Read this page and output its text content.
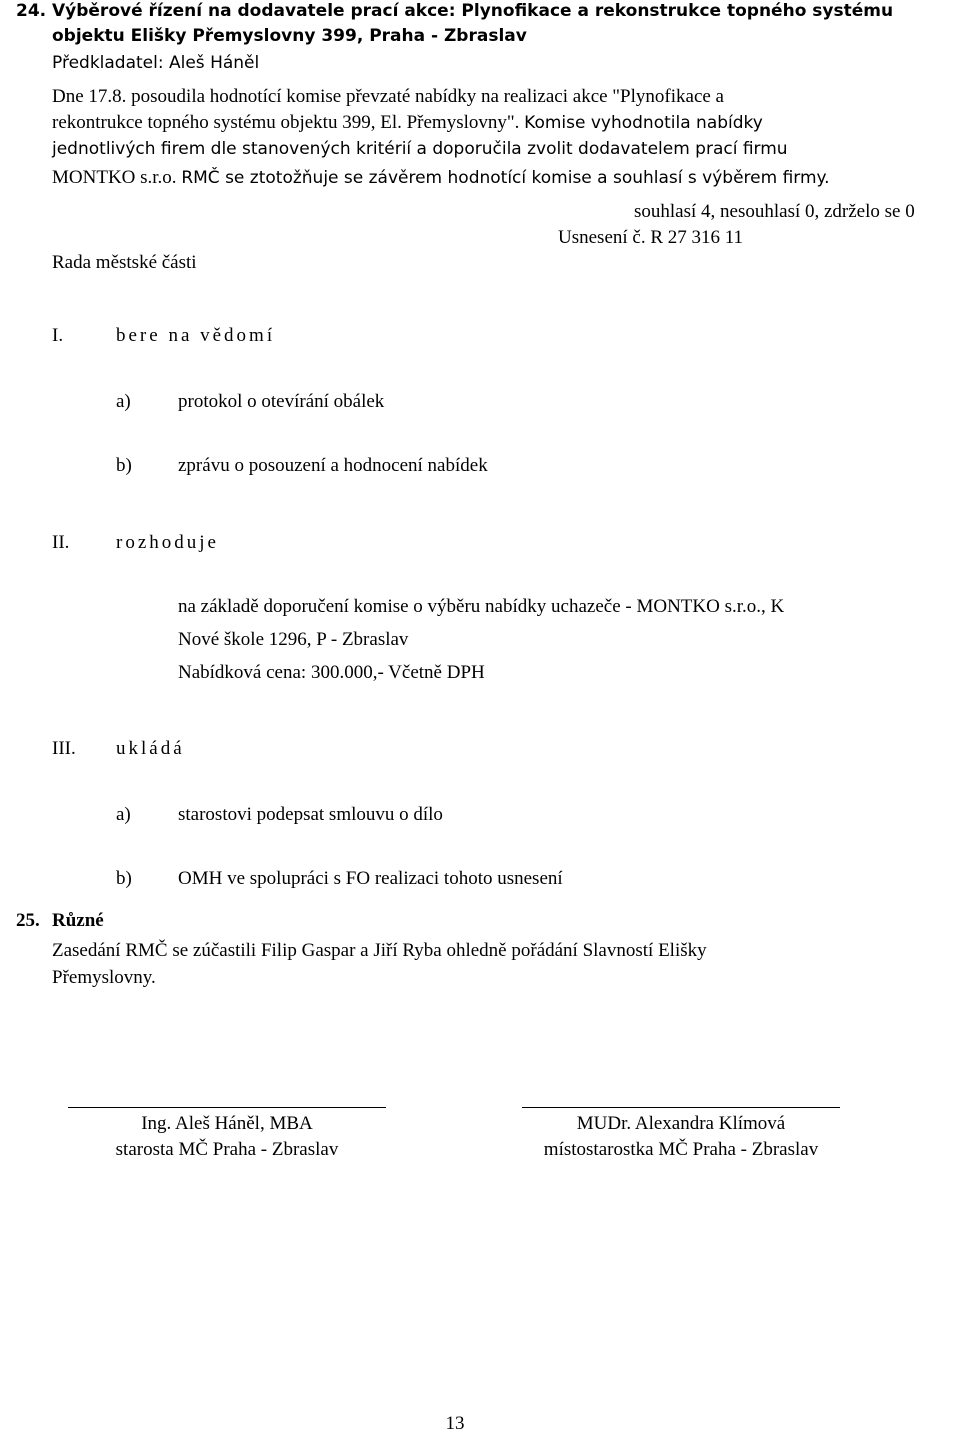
24. Výběrové řízení na dodavatele prací akce: Plynofikace a rekonstrukce topného systému
objektu Elišky Přemyslovny 399, Praha - Zbraslav
Předkladatel: Aleš Háněl
Dne 17.8. posoudila hodnotící komise převzaté nabídky na realizaci akce "Plynofikace a
rekontrukce topného systému objektu 399, El. Přemyslovny". Komise vyhodnotila nabídky
jednotlivých firem dle stanovených kritérií a doporučila zvolit dodavatelem prací firmu
MONTKO s.r.o. RMČ se ztotožňuje se závěrem hodnotící komise a souhlasí s výběrem firmy.
souhlasí 4, nesouhlasí 0, zdrželo se 0
Usnesení č. R 27 316 11
Rada městské části
I.	bere na vědomí
a) protokol o otevírání obálek
b) zprávu o posouzení a hodnocení nabídek
II. rozhoduje
na základě doporučení komise o výběru nabídky uchazeče - MONTKO s.r.o., K
Nové škole 1296, P - Zbraslav
Nabídková cena: 300.000,- Včetně DPH
III. ukládá
a) starostovi podepsat smlouvu o dílo
b) OMH ve spolupráci s FO realizaci tohoto usnesení
25. Různé
Zasedání RMČ se zúčastili Filip Gaspar a Jiří Ryba ohledně pořádání Slavností Elišky
Přemyslovny.
Ing. Aleš Háněl, MBA
starosta MČ Praha - Zbraslav
MUDr. Alexandra Klímová
místostarostka MČ Praha - Zbraslav
13
